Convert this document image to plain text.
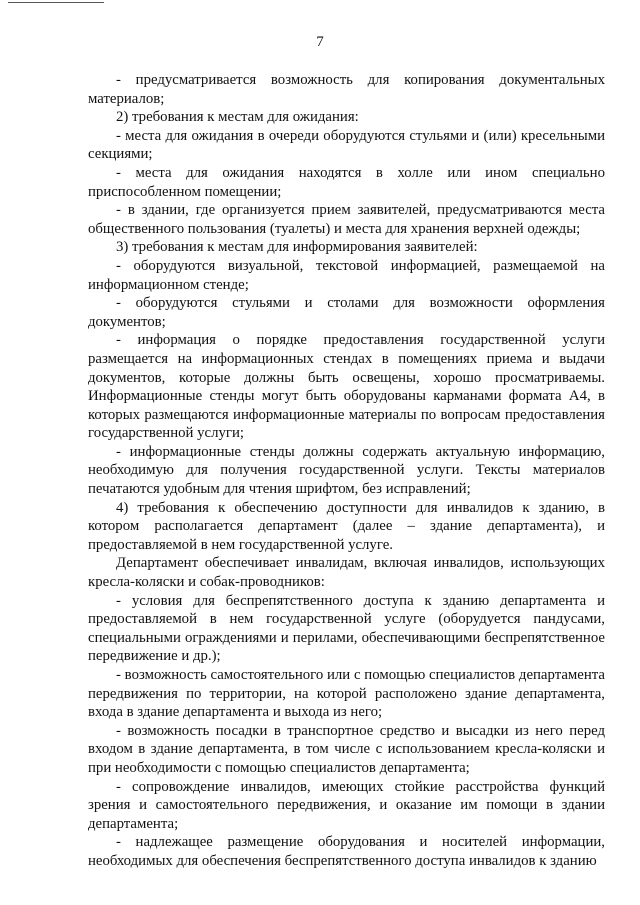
7

- предусматривается возможность для копирования документальных материалов;

2) требования к местам для ожидания:

- места для ожидания в очереди оборудуются стульями и (или) кресельными секциями;

- места для ожидания находятся в холле или ином специально приспособленном помещении;

- в здании, где организуется прием заявителей, предусматриваются места общественного пользования (туалеты) и места для хранения верхней одежды;

3) требования к местам для информирования заявителей:

- оборудуются визуальной, текстовой информацией, размещаемой на информационном стенде;

- оборудуются стульями и столами для возможности оформления документов;

- информация о порядке предоставления государственной услуги размещается на информационных стендах в помещениях приема и выдачи документов, которые должны быть освещены, хорошо просматриваемы. Информационные стенды могут быть оборудованы карманами формата А4, в которых размещаются информационные материалы по вопросам предоставления государственной услуги;

- информационные стенды должны содержать актуальную информацию, необходимую для получения государственной услуги. Тексты материалов печатаются удобным для чтения шрифтом, без исправлений;

4) требования к обеспечению доступности для инвалидов к зданию, в котором располагается департамент (далее – здание департамента), и предоставляемой в нем государственной услуге.

Департамент обеспечивает инвалидам, включая инвалидов, использующих кресла-коляски и собак-проводников:

- условия для беспрепятственного доступа к зданию департамента и предоставляемой в нем государственной услуге (оборудуется пандусами, специальными ограждениями и перилами, обеспечивающими беспрепятственное передвижение и др.);

- возможность самостоятельного или с помощью специалистов департамента передвижения по территории, на которой расположено здание департамента, входа в здание департамента и выхода из него;

- возможность посадки в транспортное средство и высадки из него перед входом в здание департамента, в том числе с использованием кресла-коляски и при необходимости с помощью специалистов департамента;

- сопровождение инвалидов, имеющих стойкие расстройства функций зрения и самостоятельного передвижения, и оказание им помощи в здании департамента;

- надлежащее размещение оборудования и носителей информации, необходимых для обеспечения беспрепятственного доступа инвалидов к зданию
